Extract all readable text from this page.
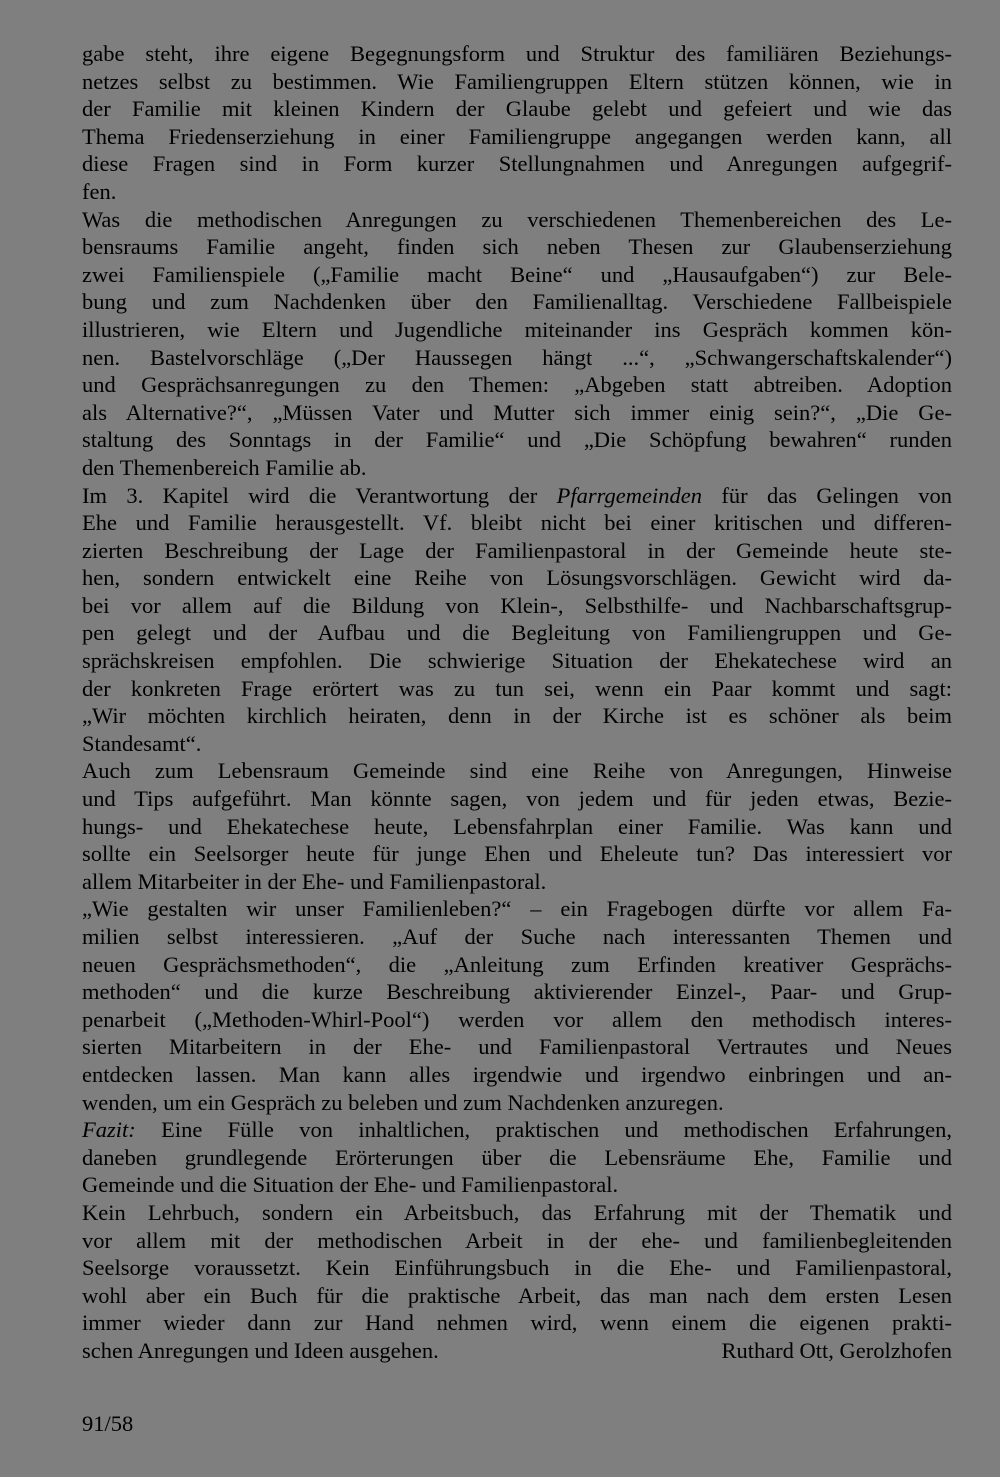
gabe steht, ihre eigene Begegnungsform und Struktur des familiären Beziehungs-
netzes selbst zu bestimmen. Wie Familiengruppen Eltern stützen können, wie in
der Familie mit kleinen Kindern der Glaube gelebt und gefeiert und wie das
Thema Friedenserziehung in einer Familiengruppe angegangen werden kann, all
diese Fragen sind in Form kurzer Stellungnahmen und Anregungen aufgegrif-
fen.

Was die methodischen Anregungen zu verschiedenen Themenbereichen des Le-
bensraums Familie angeht, finden sich neben Thesen zur Glaubenserziehung
zwei Familienspiele („Familie macht Beine“ und „Hausaufgaben“) zur Bele-
bung und zum Nachdenken über den Familienalltag. Verschiedene Fallbeispiele
illustrieren, wie Eltern und Jugendliche miteinander ins Gespräch kommen kön-
nen. Bastelvorschläge („Der Haussegen hängt ...“, „Schwangerschaftskalender“)
und Gesprächsanregungen zu den Themen: „Abgeben statt abtreiben. Adoption
als Alternative?“, „Müssen Vater und Mutter sich immer einig sein?“, „Die Ge-
staltung des Sonntags in der Familie“ und „Die Schöpfung bewahren“ runden
den Themenbereich Familie ab.

Im 3. Kapitel wird die Verantwortung der Pfarrgemeinden für das Gelingen von
Ehe und Familie herausgestellt. Vf. bleibt nicht bei einer kritischen und differen-
zierten Beschreibung der Lage der Familienpastoral in der Gemeinde heute ste-
hen, sondern entwickelt eine Reihe von Lösungsvorschlägen. Gewicht wird da-
bei vor allem auf die Bildung von Klein-, Selbsthilfe- und Nachbarschaftsgrup-
pen gelegt und der Aufbau und die Begleitung von Familiengruppen und Ge-
sprächskreisen empfohlen. Die schwierige Situation der Ehekatechese wird an
der konkreten Frage erörtert was zu tun sei, wenn ein Paar kommt und sagt:
„Wir möchten kirchlich heiraten, denn in der Kirche ist es schöner als beim
Standesamt“.

Auch zum Lebensraum Gemeinde sind eine Reihe von Anregungen, Hinweise
und Tips aufgeführt. Man könnte sagen, von jedem und für jeden etwas, Bezie-
hungs- und Ehekatechese heute, Lebensfahrplan einer Familie. Was kann und
sollte ein Seelsorger heute für junge Ehen und Eheleute tun? Das interessiert vor
allem Mitarbeiter in der Ehe- und Familienpastoral.

„Wie gestalten wir unser Familienleben?“ – ein Fragebogen dürfte vor allem Fa-
milien selbst interessieren. „Auf der Suche nach interessanten Themen und
neuen Gesprächsmethoden“, die „Anleitung zum Erfinden kreativer Gesprächs-
methoden“ und die kurze Beschreibung aktivierender Einzel-, Paar- und Grup-
penarbeit („Methoden-Whirl-Pool“) werden vor allem den methodisch interes-
sierten Mitarbeitern in der Ehe- und Familienpastoral Vertrautes und Neues
entdecken lassen. Man kann alles irgendwie und irgendwo einbringen und an-
wenden, um ein Gespräch zu beleben und zum Nachdenken anzuregen.

Fazit: Eine Fülle von inhaltlichen, praktischen und methodischen Erfahrungen,
daneben grundlegende Erörterungen über die Lebensräume Ehe, Familie und
Gemeinde und die Situation der Ehe- und Familienpastoral.

Kein Lehrbuch, sondern ein Arbeitsbuch, das Erfahrung mit der Thematik und
vor allem mit der methodischen Arbeit in der ehe- und familienbegleitenden
Seelsorge voraussetzt. Kein Einführungsbuch in die Ehe- und Familienpastoral,
wohl aber ein Buch für die praktische Arbeit, das man nach dem ersten Lesen
immer wieder dann zur Hand nehmen wird, wenn einem die eigenen prakti-
schen Anregungen und Ideen ausgehen.	Ruthard Ott, Gerolzhofen

91/58
